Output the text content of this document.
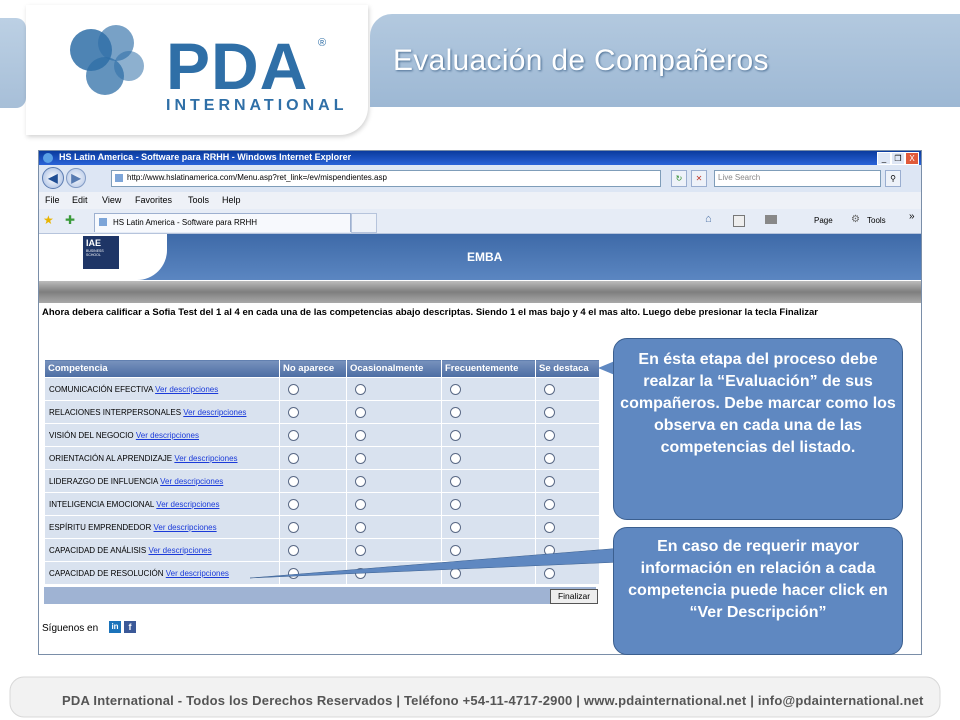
PDA ®
INTERNATIONAL
Evaluación de Compañeros
HS Latin America - Software para RRHH - Windows Internet Explorer	_	❐ X
◀	▶	http://www.hslatinamerica.com/Menu.asp?ret_link=/ev/mispendientes.asp	↻	✕	Live Search	⚲
File Edit View Favorites Tools Help
★ ✚	HS Latin America - Software para RRHH	⌂	Page ⚙ Tools »
IAE
BUSINESS SCHOOL	EMBA
Ahora debera calificar a Sofia Test del 1 al 4 en cada una de las competencias abajo descriptas. Siendo 1 el mas bajo y 4 el mas alto. Luego debe presionar la tecla Finalizar
Competencia	No aparece	Ocasionalmente	Frecuentemente	Se destaca
COMUNICACIÓN EFECTIVA Ver descripciones				
RELACIONES INTERPERSONALES Ver descripciones				
VISIÓN DEL NEGOCIO Ver descripciones				
ORIENTACIÓN AL APRENDIZAJE Ver descripciones				
LIDERAZGO DE INFLUENCIA Ver descripciones				
INTELIGENCIA EMOCIONAL Ver descripciones				
ESPÍRITU EMPRENDEDOR Ver descripciones				
CAPACIDAD DE ANÁLISIS Ver descripciones				
CAPACIDAD DE RESOLUCIÓN Ver descripciones				
Finalizar
Síguenos en	in	f
En ésta etapa del proceso debe realzar la “Evaluación” de sus compañeros. Debe marcar como los observa en cada una de las competencias del listado.
En caso de requerir mayor información en relación a cada competencia puede hacer click en “Ver Descripción”
PDA International - Todos los Derechos Reservados | Teléfono +54-11-4717-2900 | www.pdainternational.net | info@pdainternational.net
